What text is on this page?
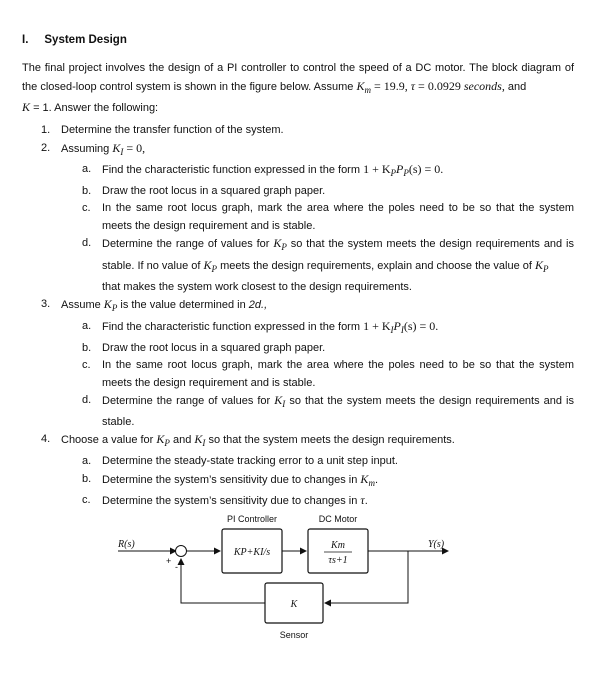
I. System Design
The final project involves the design of a PI controller to control the speed of a DC motor. The block diagram of the closed-loop control system is shown in the figure below. Assume $K_m = 19.9$, τ = 0.0929 seconds, and
K = 1. Answer the following:
1. Determine the transfer function of the system.
2. Assuming $K_I = 0$,
a. Find the characteristic function expressed in the form $1 + K_PP_P(s) = 0$.
b. Draw the root locus in a squared graph paper.
c. In the same root locus graph, mark the area where the poles need to be so that the system meets the design requirement and is stable.
d. Determine the range of values for $K_P$ so that the system meets the design requirements and is stable. If no value of $K_P$ meets the design requirements, explain and choose the value of $K_P$
that makes the system work closest to the design requirements.
3. Assume $K_P$ is the value determined in 2d.,
a. Find the characteristic function expressed in the form $1 + K_IP_I(s) = 0$.
b. Draw the root locus in a squared graph paper.
c. In the same root locus graph, mark the area where the poles need to be so that the system meets the design requirement and is stable.
d. Determine the range of values for $K_I$ so that the system meets the design requirements and is stable.
4. Choose a value for $K_P$ and $K_I$ so that the system meets the design requirements.
a. Determine the steady-state tracking error to a unit step input.
b. Determine the system’s sensitivity due to changes in $K_m$.
c. Determine the system’s sensitivity due to changes in τ.
PI Controller	DC Motor
R(s)	Y(s)
+
-
KP+KI/s
Km
τs+1
K
Sensor
